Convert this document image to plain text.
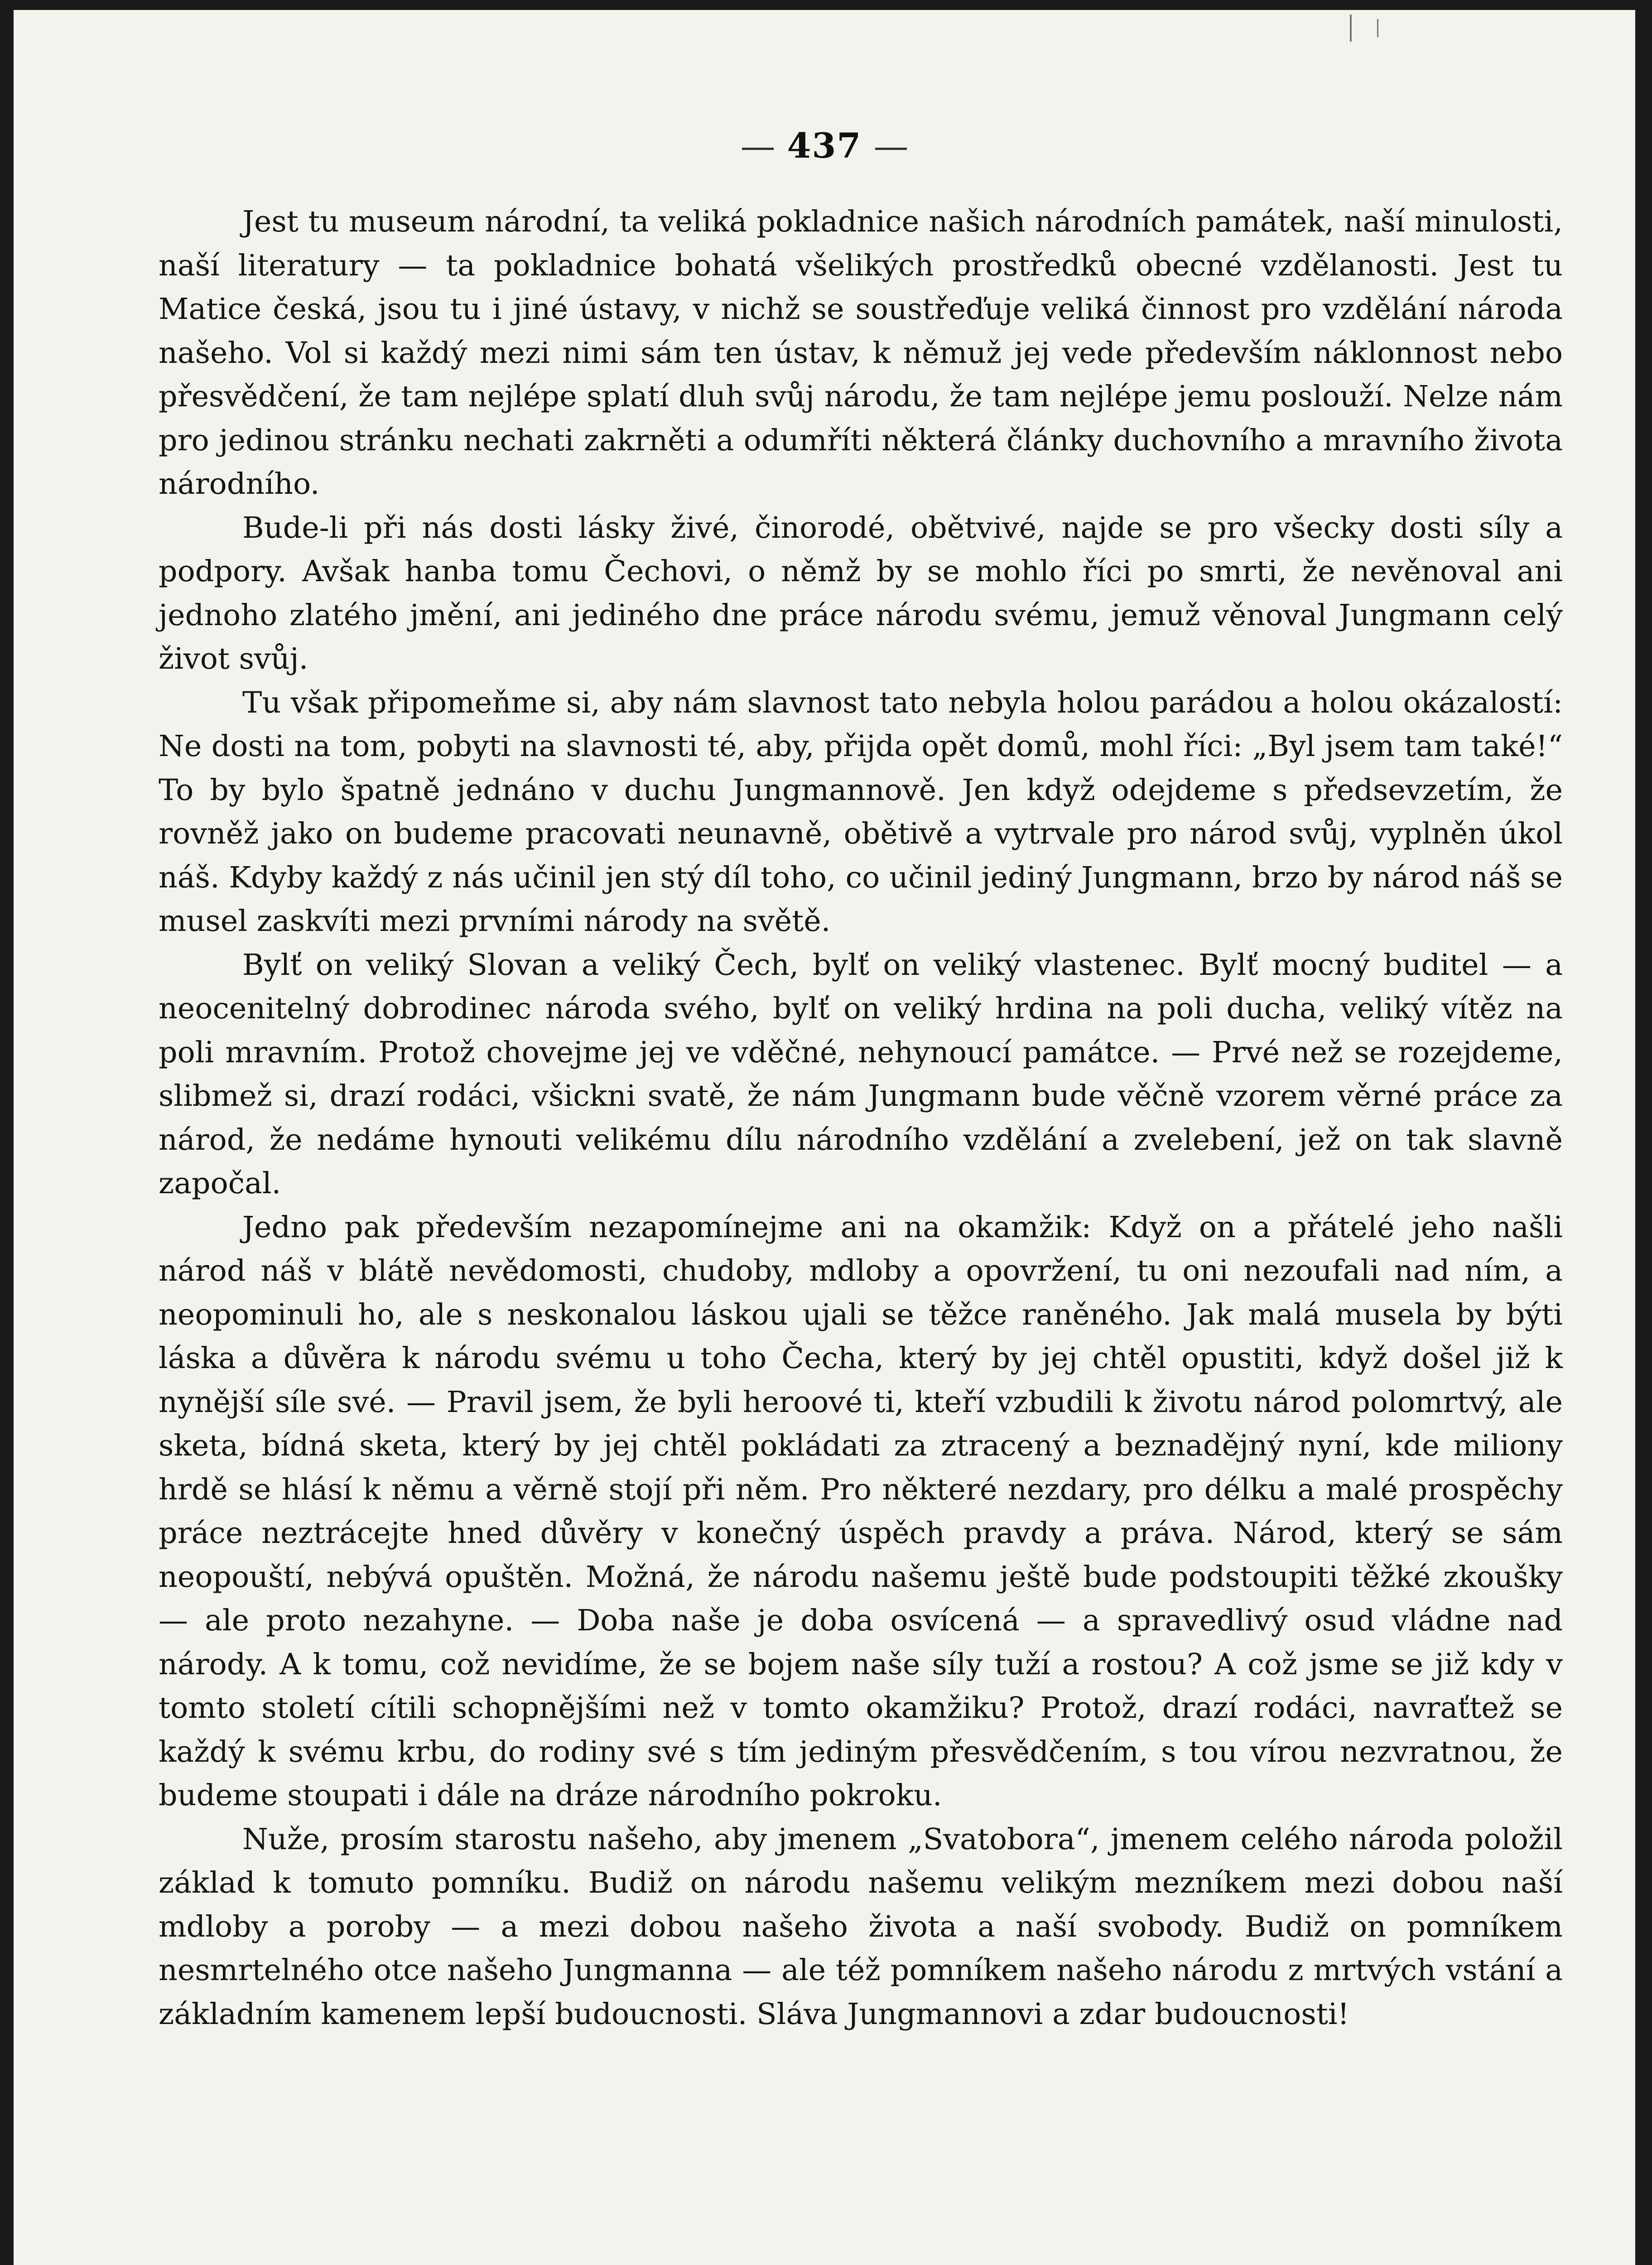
437

Jest tu museum národní, ta veliká pokladnice našich národních památek, naší minulosti, naší literatury — ta pokladnice bohatá všelikých prostředků obecné vzdělanosti. Jest tu Matice česká, jsou tu i jiné ústavy, v nichž se soustřeďuje veliká činnost pro vzdělání národa našeho. Vol si každý mezi nimi sám ten ústav, k němuž jej vede především náklonnost nebo přesvědčení, že tam nejlépe splatí dluh svůj národu, že tam nejlépe jemu poslouží. Nelze nám pro jedinou stránku nechati zakrněti a odumříti některá články duchovního a mravního života národního.

Bude-li při nás dosti lásky živé, činorodé, obětvivé, najde se pro všecky dosti síly a podpory. Avšak hanba tomu Čechovi, o němž by se mohlo říci po smrti, že nevěnoval ani jednoho zlatého jmění, ani jediného dne práce národu svému, jemuž věnoval Jungmann celý život svůj.

Tu však připomeňme si, aby nám slavnost tato nebyla holou parádou a holou okázalostí: Ne dosti na tom, pobyti na slavnosti té, aby, přijda opět domů, mohl říci: „Byl jsem tam také!“ To by bylo špatně jednáno v duchu Jungmannově. Jen když odejdeme s předsevzetím, že rovněž jako on budeme pracovati neunavně, obětivě a vytrvale pro národ svůj, vyplněn úkol náš. Kdyby každý z nás učinil jen stý díl toho, co učinil jediný Jungmann, brzo by národ náš se musel zaskvíti mezi prvními národy na světě.

Bylť on veliký Slovan a veliký Čech, bylť on veliký vlastenec. Bylť mocný buditel — a neocenitelný dobrodinec národa svého, bylť on veliký hrdina na poli ducha, veliký vítěz na poli mravním. Protož chovejme jej ve vděčné, nehynoucí památce. — Prvé než se rozejdeme, slibmež si, drazí rodáci, všickni svatě, že nám Jungmann bude věčně vzorem věrné práce za národ, že nedáme hynouti velikému dílu národního vzdělání a zvelebení, jež on tak slavně započal.

Jedno pak především nezapomínejme ani na okamžik: Když on a přátelé jeho našli národ náš v blátě nevědomosti, chudoby, mdloby a opovržení, tu oni nezoufali nad ním, a neopominuli ho, ale s neskonalou láskou ujali se těžce raněného. Jak malá musela by býti láska a důvěra k národu svému u toho Čecha, který by jej chtěl opustiti, když došel již k nynější síle své. — Pravil jsem, že byli heroové ti, kteří vzbudili k životu národ polomrtvý, ale sketa, bídná sketa, který by jej chtěl pokládati za ztracený a beznadějný nyní, kde miliony hrdě se hlásí k němu a věrně stojí při něm. Pro některé nezdary, pro délku a malé prospěchy práce neztrácejte hned důvěry v konečný úspěch pravdy a práva. Národ, který se sám neopouští, nebývá opuštěn. Možná, že národu našemu ještě bude podstoupiti těžké zkoušky — ale proto nezahyne. — Doba naše je doba osvícená — a spravedlivý osud vládne nad národy. A k tomu, což nevidíme, že se bojem naše síly tuží a rostou? A což jsme se již kdy v tomto století cítili schopnějšími než v tomto okamžiku? Protož, drazí rodáci, navraťtež se každý k svému krbu, do rodiny své s tím jediným přesvědčením, s tou vírou nezvratnou, že budeme stoupati i dále na dráze národního pokroku.

Nuže, prosím starostu našeho, aby jmenem „Svatobora“, jmenem celého národa položil základ k tomuto pomníku. Budiž on národu našemu velikým mezníkem mezi dobou naší mdloby a poroby — a mezi dobou našeho života a naší svobody. Budiž on pomníkem nesmrtelného otce našeho Jungmanna — ale též pomníkem našeho národu z mrtvých vstání a základním kamenem lepší budoucnosti. Sláva Jungmannovi a zdar budoucnosti!
